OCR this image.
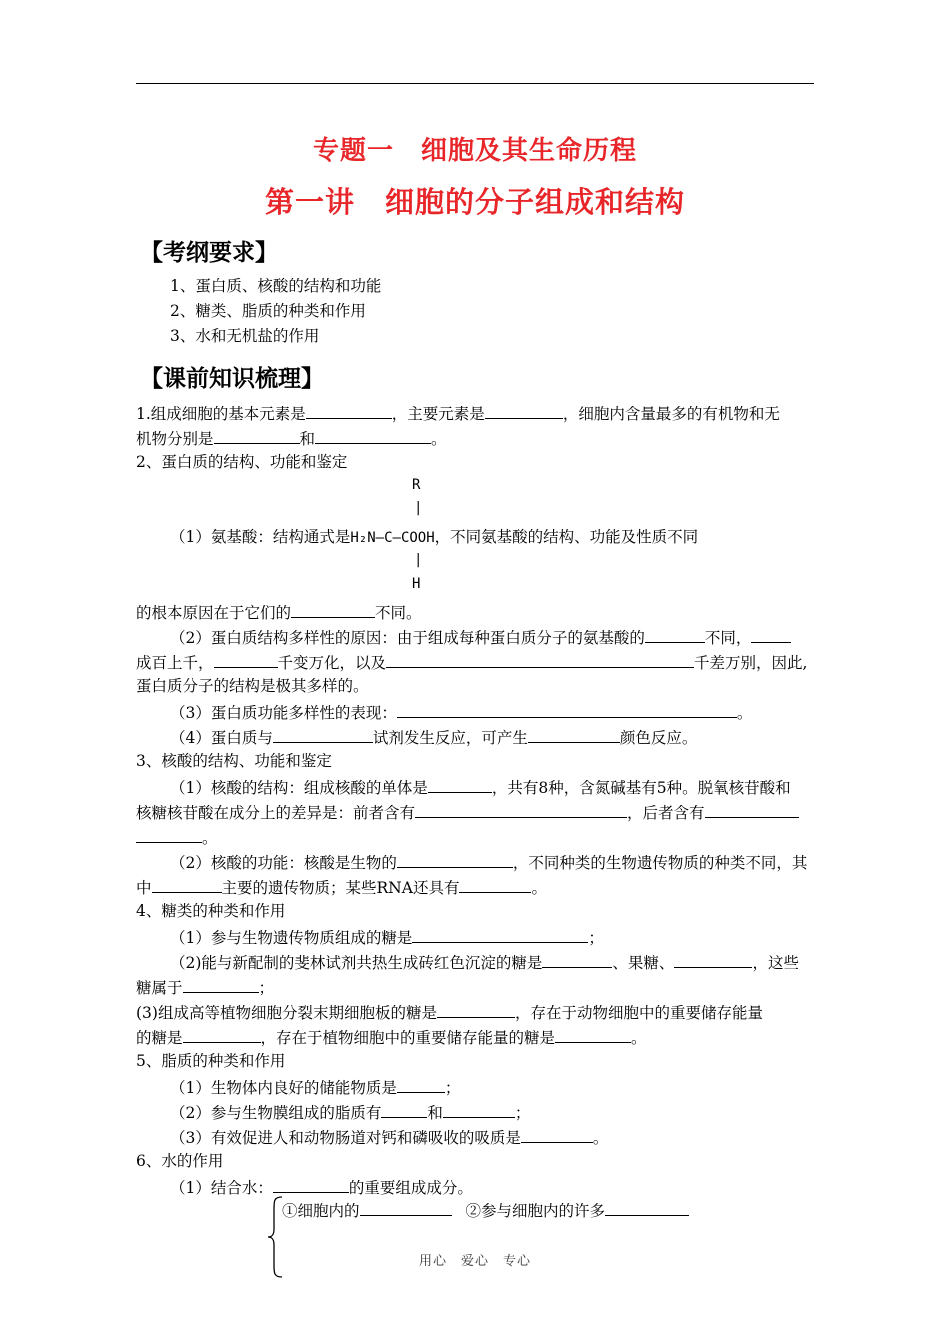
专题一　细胞及其生命历程
第一讲　细胞的分子组成和结构
【考纲要求】
1、蛋白质、核酸的结构和功能
2、糖类、脂质的种类和作用
3、水和无机盐的作用
【课前知识梳理】
1.组成细胞的基本元素是	，主要元素是	，细胞内含量最多的有机物和无
机物分别是	和	。
2、蛋白质的结构、功能和鉴定
R
|
（1）氨基酸：结构通式是H₂N—C—COOH，不同氨基酸的结构、功能及性质不同
|
H
的根本原因在于它们的	不同。
（2）蛋白质结构多样性的原因：由于组成每种蛋白质分子的氨基酸的	不同，
成百上千，	千变万化，以及	千差万别，因此,
蛋白质分子的结构是极其多样的。
（3）蛋白质功能多样性的表现：	。
（4）蛋白质与	试剂发生反应，可产生	颜色反应。
3、核酸的结构、功能和鉴定
（1）核酸的结构：组成核酸的单体是	，共有8种，含氮碱基有5种。脱氧核苷酸和
核糖核苷酸在成分上的差异是：前者含有	，后者含有
。
（2）核酸的功能：核酸是生物的	，不同种类的生物遗传物质的种类不同，其
中	主要的遗传物质；某些RNA还具有	。
4、糖类的种类和作用
（1）参与生物遗传物质组成的糖是	；
（2)能与新配制的斐林试剂共热生成砖红色沉淀的糖是	、果糖、	，这些
糖属于	；
(3)组成高等植物细胞分裂末期细胞板的糖是	，存在于动物细胞中的重要储存能量
的糖是	，存在于植物细胞中的重要储存能量的糖是	。
5、脂质的种类和作用
（1）生物体内良好的储能物质是	；
（2）参与生物膜组成的脂质有	和	；
（3）有效促进人和动物肠道对钙和磷吸收的吸质是	。
6、水的作用
（1）结合水：	的重要组成成分。
①细胞内的	②参与细胞内的许多
用心　爱心　专心
